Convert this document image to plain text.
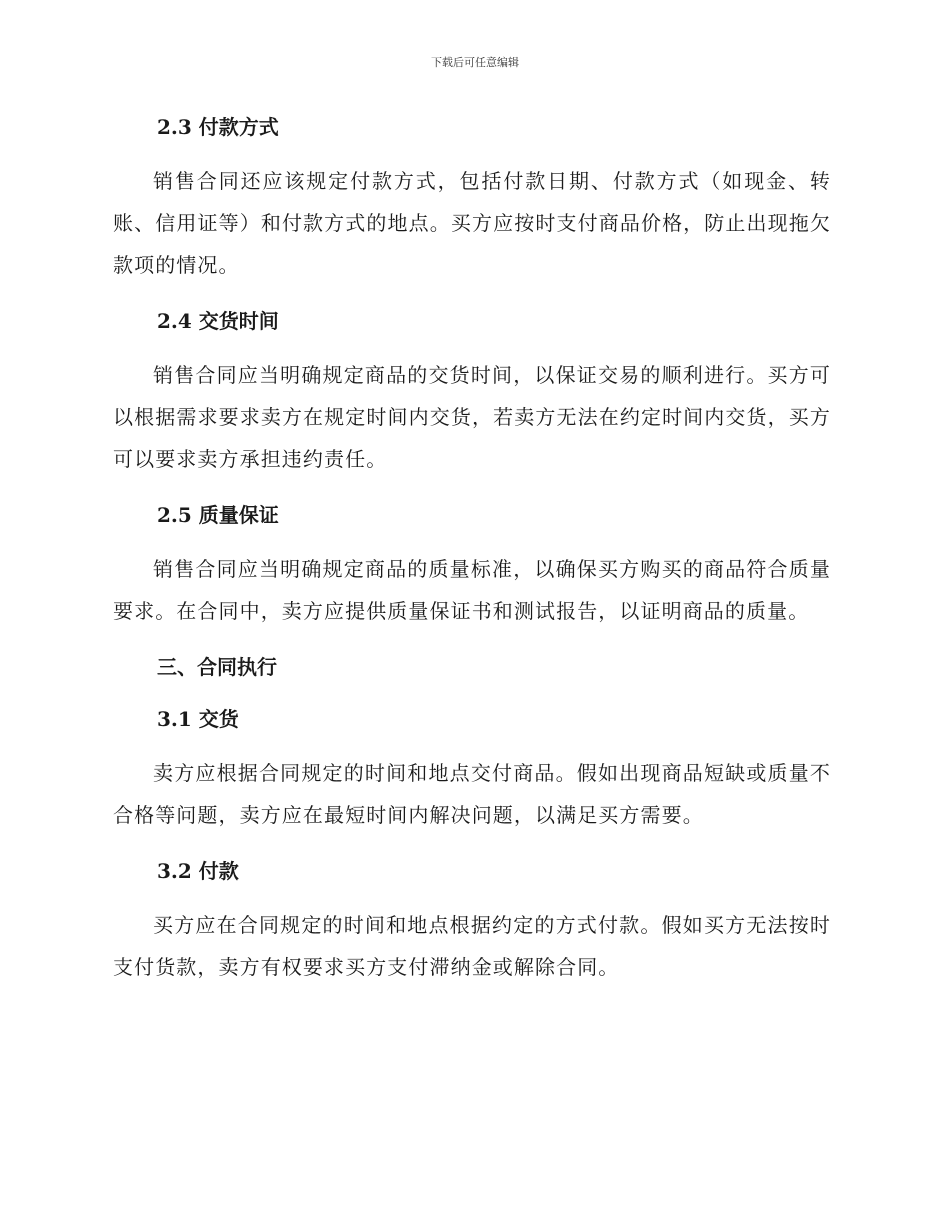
下载后可任意编辑

2.3 付款方式

销售合同还应该规定付款方式，包括付款日期、付款方式（如现金、转账、信用证等）和付款方式的地点。买方应按时支付商品价格，防止出现拖欠款项的情况。

2.4 交货时间

销售合同应当明确规定商品的交货时间，以保证交易的顺利进行。买方可以根据需求要求卖方在规定时间内交货，若卖方无法在约定时间内交货，买方可以要求卖方承担违约责任。

2.5 质量保证

销售合同应当明确规定商品的质量标准，以确保买方购买的商品符合质量要求。在合同中，卖方应提供质量保证书和测试报告，以证明商品的质量。

三、合同执行

3.1 交货

卖方应根据合同规定的时间和地点交付商品。假如出现商品短缺或质量不合格等问题，卖方应在最短时间内解决问题，以满足买方需要。

3.2 付款

买方应在合同规定的时间和地点根据约定的方式付款。假如买方无法按时支付货款，卖方有权要求买方支付滞纳金或解除合同。
